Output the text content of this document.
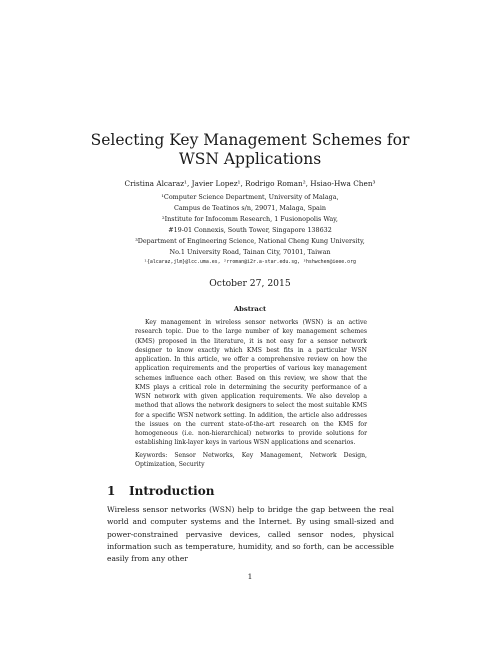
Selecting Key Management Schemes for
WSN Applications
Cristina Alcaraz¹, Javier Lopez¹, Rodrigo Roman², Hsiao-Hwa Chen³
¹Computer Science Department, University of Malaga,
Campus de Teatinos s/n, 29071, Malaga, Spain
²Institute for Infocomm Research, 1 Fusionopolis Way,
#19-01 Connexis, South Tower, Singapore 138632
³Department of Engineering Science, National Cheng Kung University,
No.1 University Road, Tainan City, 70101, Taiwan
¹{alcaraz,jlm}@lcc.uma.es, ²rroman@i2r.a-star.edu.sg, ³hshwchen@ieee.org
October 27, 2015
Abstract
Key management in wireless sensor networks (WSN) is an active research topic. Due to the large number of key management schemes (KMS) proposed in the literature, it is not easy for a sensor network designer to know exactly which KMS best fits in a particular WSN application. In this article, we offer a comprehensive review on how the application requirements and the properties of various key management schemes influence each other. Based on this review, we show that the KMS plays a critical role in determining the security performance of a WSN network with given application requirements. We also develop a method that allows the network designers to select the most suitable KMS for a specific WSN network setting. In addition, the article also addresses the issues on the current state-of-the-art research on the KMS for homogeneous (i.e. non-hierarchical) networks to provide solutions for establishing link-layer keys in various WSN applications and scenarios.
Keywords: Sensor Networks, Key Management, Network Design, Optimization, Security
1 Introduction
Wireless sensor networks (WSN) help to bridge the gap between the real world and computer systems and the Internet. By using small-sized and power-constrained pervasive devices, called sensor nodes, physical information such as temperature, humidity, and so forth, can be accessible easily from any other
1
